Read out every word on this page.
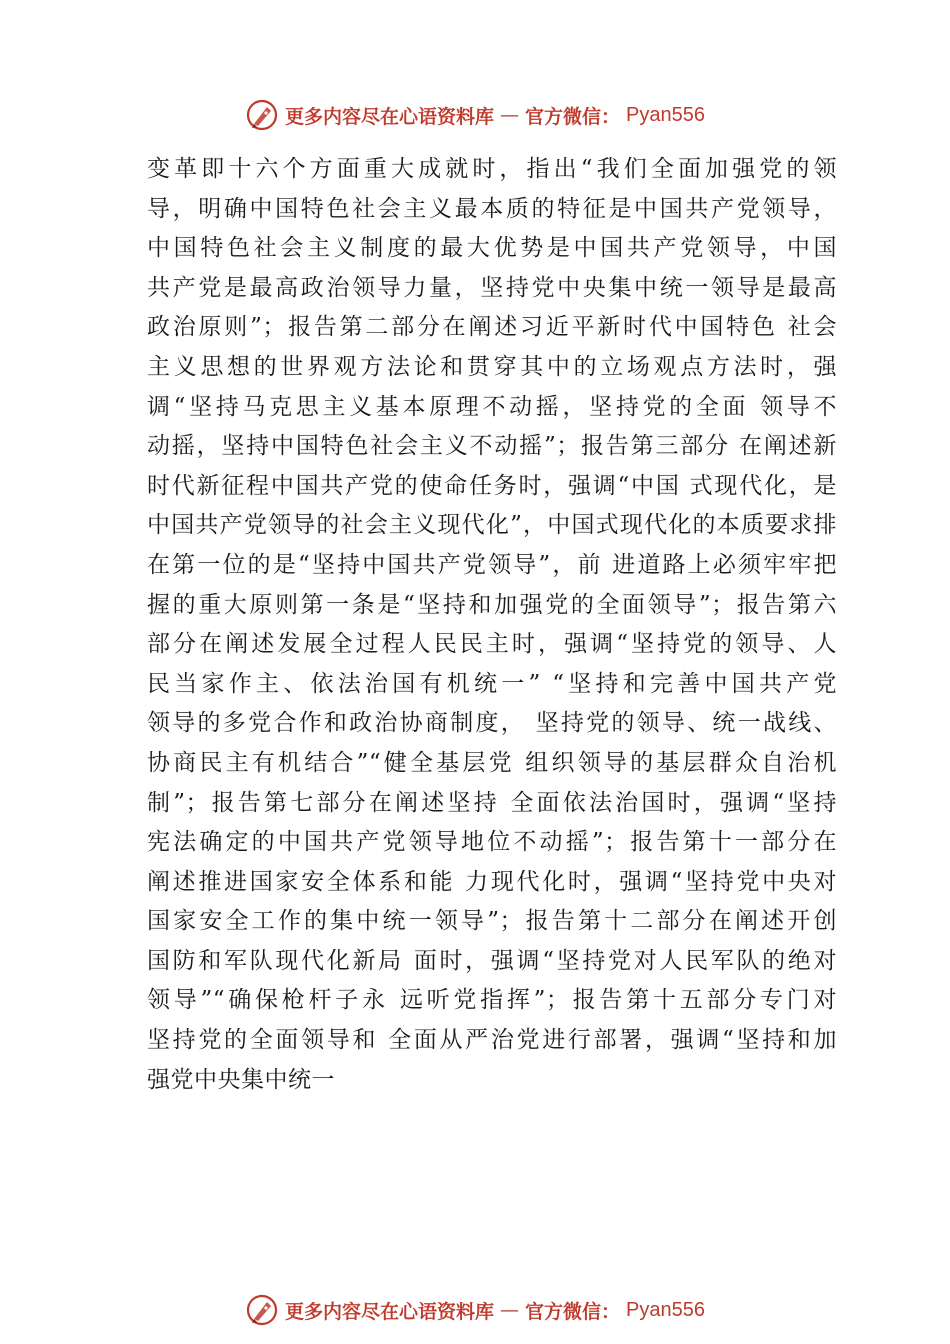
更多内容尽在心语资料库 — 官方微信： Pyan556
变革即十六个方面重大成就时，指出“我们全面加强党的领
导，明确中国特色社会主义最本质的特征是中国共产党领导，
中国特色社会主义制度的最大优势是中国共产党领导，中国
共产党是最高政治领导力量，坚持党中央集中统一领导是最高
政治原则”；报告第二部分在阐述习近平新时代中国特色 社会
主义思想的世界观方法论和贯穿其中的立场观点方法时，强
调“坚持马克思主义基本原理不动摇，坚持党的全面 领导不
动摇，坚持中国特色社会主义不动摇”；报告第三部分 在阐述新
时代新征程中国共产党的使命任务时，强调“中国 式现代化，是
中国共产党领导的社会主义现代化”，中国式现代化的本质要求排
在第一位的是“坚持中国共产党领导”，前 进道路上必须牢牢把
握的重大原则第一条是“坚持和加强党的全面领导”；报告第六
部分在阐述发展全过程人民民主时，强调“坚持党的领导、人
民当家作主、依法治国有机统一” “坚持和完善中国共产党
领导的多党合作和政治协商制度， 坚持党的领导、统一战线、
协商民主有机结合”“健全基层党 组织领导的基层群众自治机
制”；报告第七部分在阐述坚持 全面依法治国时，强调“坚持
宪法确定的中国共产党领导地位不动摇”；报告第十一部分在
阐述推进国家安全体系和能 力现代化时，强调“坚持党中央对
国家安全工作的集中统一领导”；报告第十二部分在阐述开创
国防和军队现代化新局 面时，强调“坚持党对人民军队的绝对
领导”“确保枪杆子永 远听党指挥”；报告第十五部分专门对
坚持党的全面领导和 全面从严治党进行部署，强调“坚持和加
强党中央集中统一
更多内容尽在心语资料库 — 官方微信： Pyan556
